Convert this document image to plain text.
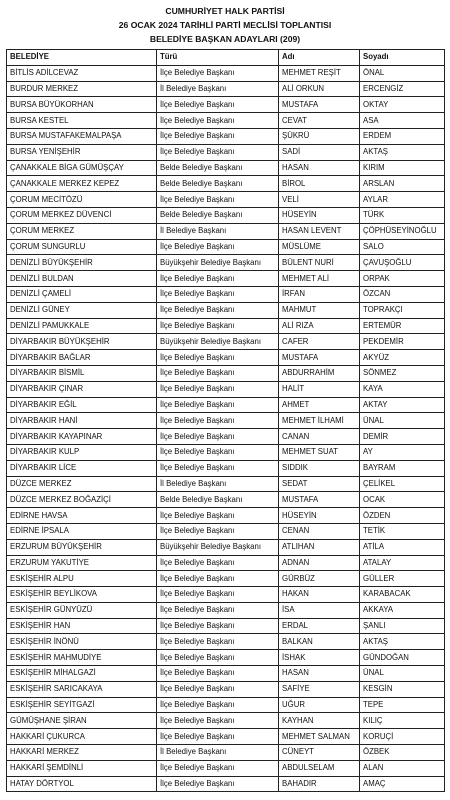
CUMHURİYET HALK PARTİSİ
26 OCAK 2024 TARİHLİ PARTİ MECLİSİ TOPLANTISI
BELEDİYE BAŞKAN ADAYLARI (209)
BELEDİYE	Türü	Adı	Soyadı
BİTLİS ADİLCEVAZ	İlçe Belediye Başkanı	MEHMET REŞİT	ÖNAL
BURDUR MERKEZ	İl Belediye Başkanı	ALİ ORKUN	ERCENGİZ
BURSA BÜYÜKORHAN	İlçe Belediye Başkanı	MUSTAFA	OKTAY
BURSA KESTEL	İlçe Belediye Başkanı	CEVAT	ASA
BURSA MUSTAFAKEMALPAŞA	İlçe Belediye Başkanı	ŞÜKRÜ	ERDEM
BURSA YENİŞEHİR	İlçe Belediye Başkanı	SADİ	AKTAŞ
ÇANAKKALE BİGA GÜMÜŞÇAY	Belde Belediye Başkanı	HASAN	KIRIM
ÇANAKKALE MERKEZ KEPEZ	Belde Belediye Başkanı	BİROL	ARSLAN
ÇORUM MECİTÖZÜ	İlçe Belediye Başkanı	VELİ	AYLAR
ÇORUM MERKEZ DÜVENCİ	Belde Belediye Başkanı	HÜSEYİN	TÜRK
ÇORUM MERKEZ	İl Belediye Başkanı	HASAN LEVENT	ÇÖPHÜSEYİNOĞLU
ÇORUM SUNGURLU	İlçe Belediye Başkanı	MÜSLÜME	SALO
DENİZLİ BÜYÜKŞEHİR	Büyükşehir Belediye Başkanı	BÜLENT NURİ	ÇAVUŞOĞLU
DENİZLİ BULDAN	İlçe Belediye Başkanı	MEHMET ALİ	ORPAK
DENİZLİ ÇAMELİ	İlçe Belediye Başkanı	İRFAN	ÖZCAN
DENİZLİ GÜNEY	İlçe Belediye Başkanı	MAHMUT	TOPRAKÇI
DENİZLİ PAMUKKALE	İlçe Belediye Başkanı	ALİ RIZA	ERTEMÜR
DİYARBAKIR BÜYÜKŞEHİR	Büyükşehir Belediye Başkanı	CAFER	PEKDEMİR
DİYARBAKIR BAĞLAR	İlçe Belediye Başkanı	MUSTAFA	AKYÜZ
DİYARBAKIR BİSMİL	İlçe Belediye Başkanı	ABDURRAHİM	SÖNMEZ
DİYARBAKIR ÇINAR	İlçe Belediye Başkanı	HALİT	KAYA
DİYARBAKIR EĞİL	İlçe Belediye Başkanı	AHMET	AKTAY
DİYARBAKIR HANİ	İlçe Belediye Başkanı	MEHMET İLHAMİ	ÜNAL
DİYARBAKIR KAYAPINAR	İlçe Belediye Başkanı	CANAN	DEMİR
DİYARBAKIR KULP	İlçe Belediye Başkanı	MEHMET SUAT	AY
DİYARBAKIR LİCE	İlçe Belediye Başkanı	SIDDIK	BAYRAM
DÜZCE MERKEZ	İl Belediye Başkanı	SEDAT	ÇELİKEL
DÜZCE MERKEZ BOĞAZİÇİ	Belde Belediye Başkanı	MUSTAFA	OCAK
EDİRNE HAVSA	İlçe Belediye Başkanı	HÜSEYİN	ÖZDEN
EDİRNE İPSALA	İlçe Belediye Başkanı	CENAN	TETİK
ERZURUM BÜYÜKŞEHİR	Büyükşehir Belediye Başkanı	ATLIHAN	ATİLA
ERZURUM YAKUTİYE	İlçe Belediye Başkanı	ADNAN	ATALAY
ESKİŞEHİR ALPU	İlçe Belediye Başkanı	GÜRBÜZ	GÜLLER
ESKİŞEHİR BEYLİKOVA	İlçe Belediye Başkanı	HAKAN	KARABACAK
ESKİŞEHİR GÜNYÜZÜ	İlçe Belediye Başkanı	İSA	AKKAYA
ESKİŞEHİR HAN	İlçe Belediye Başkanı	ERDAL	ŞANLI
ESKİŞEHİR İNÖNÜ	İlçe Belediye Başkanı	BALKAN	AKTAŞ
ESKİŞEHİR MAHMUDİYE	İlçe Belediye Başkanı	İSHAK	GÜNDOĞAN
ESKİŞEHİR MİHALGAZİ	İlçe Belediye Başkanı	HASAN	ÜNAL
ESKİŞEHİR SARICAKAYA	İlçe Belediye Başkanı	SAFİYE	KESGİN
ESKİŞEHİR SEYİTGAZİ	İlçe Belediye Başkanı	UĞUR	TEPE
GÜMÜŞHANE ŞİRAN	İlçe Belediye Başkanı	KAYHAN	KILIÇ
HAKKARİ ÇUKURCA	İlçe Belediye Başkanı	MEHMET SALMAN	KORUÇİ
HAKKARİ MERKEZ	İl Belediye Başkanı	CÜNEYT	ÖZBEK
HAKKARİ ŞEMDİNLİ	İlçe Belediye Başkanı	ABDULSELAM	ALAN
HATAY DÖRTYOL	İlçe Belediye Başkanı	BAHADIR	AMAÇ
